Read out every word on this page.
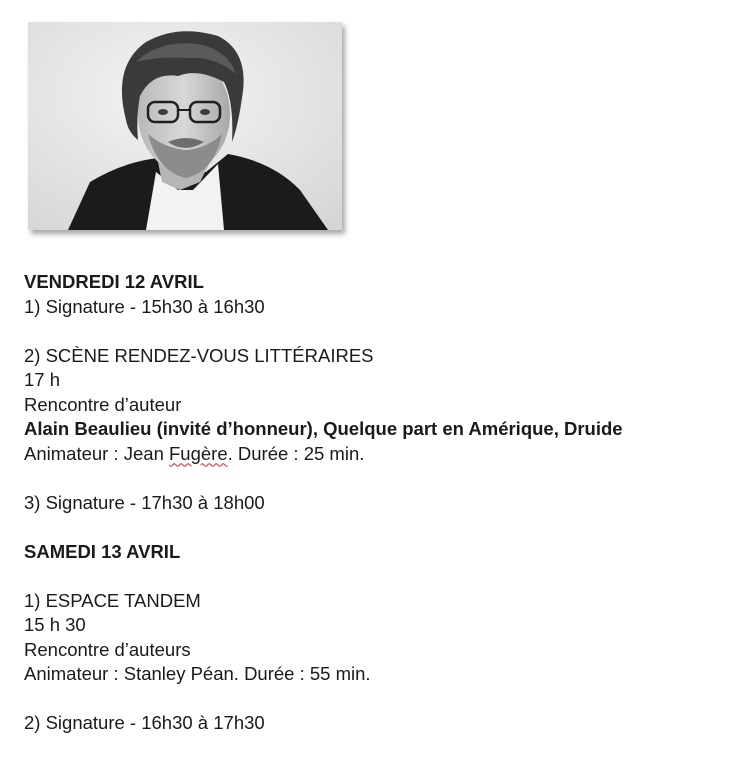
VENDREDI 12 AVRIL

1) Signature - 15h30 à 16h30

2) SCÈNE RENDEZ-VOUS LITTÉRAIRES

17 h

Rencontre d’auteur

Alain Beaulieu (invité d’honneur), Quelque part en Amérique, Druide

Animateur : Jean Fugère. Durée : 25 min.

3) Signature - 17h30 à 18h00

SAMEDI 13 AVRIL

1) ESPACE TANDEM

15 h 30

Rencontre d’auteurs

Animateur : Stanley Péan. Durée : 55 min.

2) Signature - 16h30 à 17h30
